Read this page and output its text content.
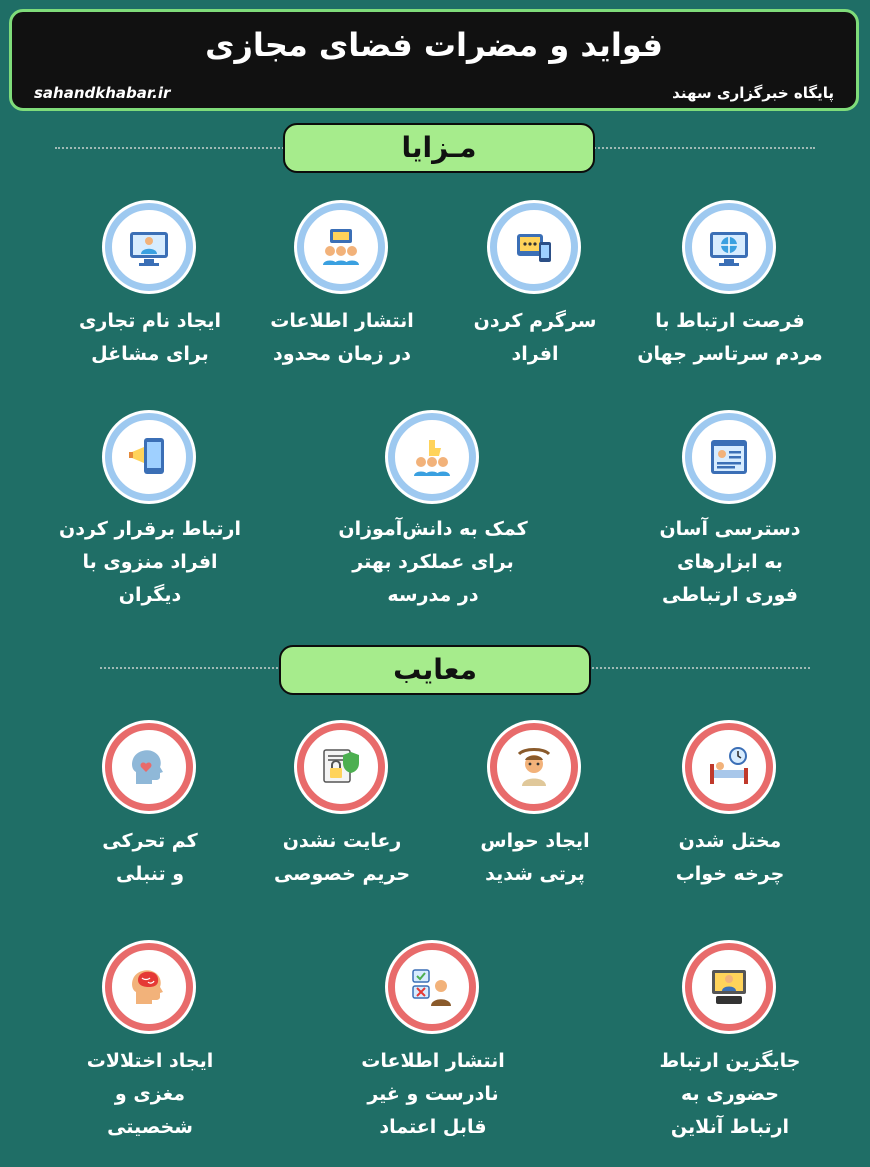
فواید و مضرات فضای مجازی
sahandkhabar.ir	پایگاه خبرگزاری سهند
مـزایا
فرصت ارتباط با
مردم سرتاسر جهان
سرگرم کردن
افراد
انتشار اطلاعات
در زمان محدود
ایجاد نام تجاری
برای مشاغل
دسترسی آسان
به ابزارهای
فوری ارتباطی
کمک به دانش‌آموزان
برای عملکرد بهتر
در مدرسه
ارتباط برقرار کردن
افراد منزوی با
دیگران
معایب
مختل شدن
چرخه خواب
ایجاد حواس
پرتی شدید
رعایت نشدن
حریم خصوصی
کم تحرکی
و تنبلی
جایگزین ارتباط
حضوری به
ارتباط آنلاین
انتشار اطلاعات
نادرست و غیر
قابل اعتماد
ایجاد اختلالات
مغزی و
شخصیتی
